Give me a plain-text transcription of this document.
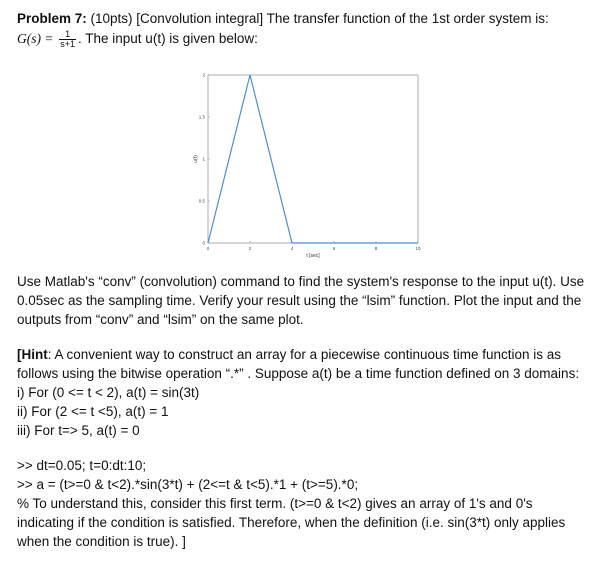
Problem 7: (10pts) [Convolution integral] The transfer function of the 1st order system is:
$G(s) = \frac{1}{s+1}$ . The input u(t) is given below:
0	2	4	6	8	10
0
0.5
1
1.5
2
t [sec]
u(t)
Use Matlab's “conv” (convolution) command to find the system's response to the input u(t). Use
0.05sec as the sampling time. Verify your result using the “lsim” function. Plot the input and the
outputs from “conv” and “lsim” on the same plot.
[Hint: A convenient way to construct an array for a piecewise continuous time function is as
follows using the bitwise operation “.*” . Suppose a(t) be a time function defined on 3 domains:
i) For (0 <= t < 2), a(t) = sin(3t)
ii) For (2 <= t <5), a(t) = 1
iii) For t=> 5, a(t) = 0
>> dt=0.05; t=0:dt:10;
>> a = (t>=0 & t<2).*sin(3*t) + (2<=t & t<5).*1 + (t>=5).*0;
% To understand this, consider this first term. (t>=0 & t<2) gives an array of 1's and 0's
indicating if the condition is satisfied. Therefore, when the definition (i.e. sin(3*t) only applies
when the condition is true). ]
